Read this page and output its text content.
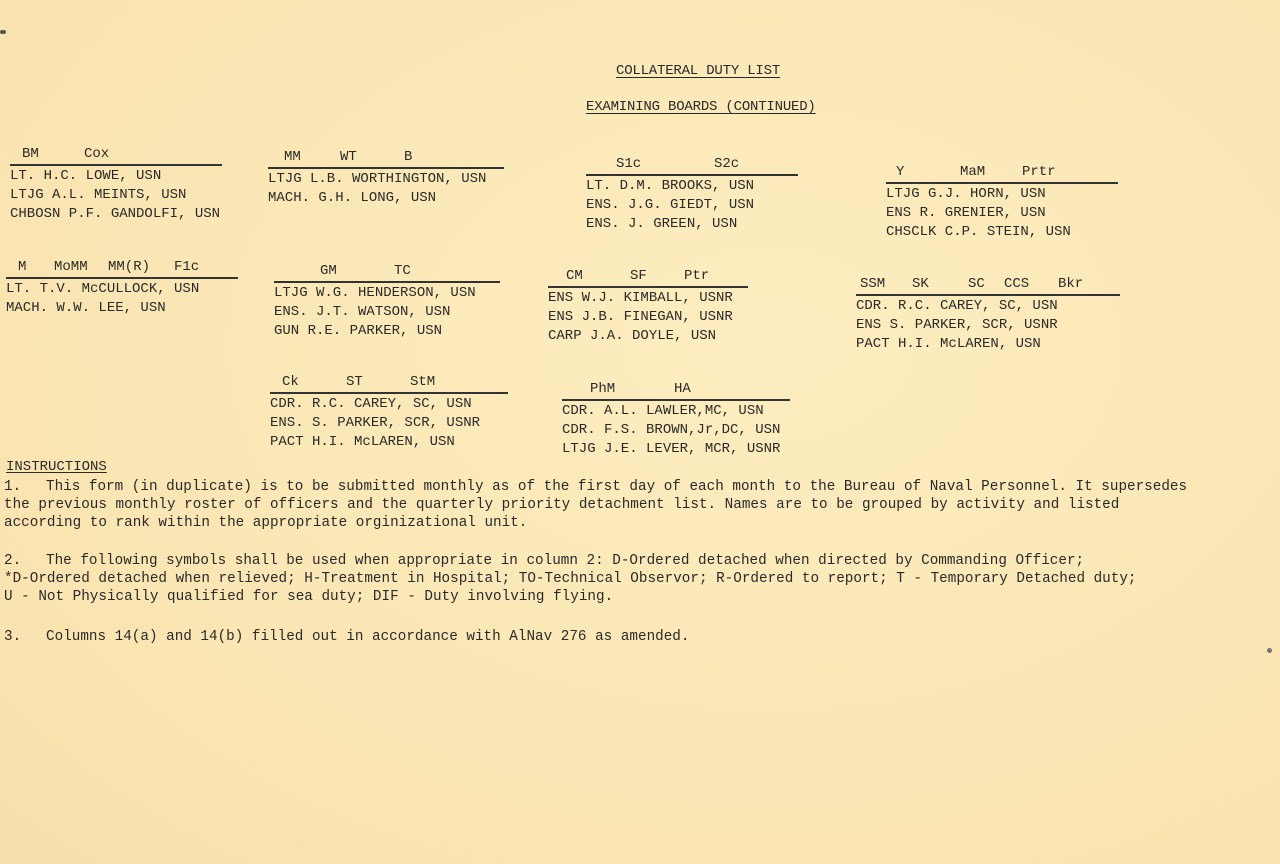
COLLATERAL DUTY LIST
EXAMINING BOARDS (CONTINUED)
BM	Cox
LT. H.C. LOWE, USN
LTJG A.L. MEINTS, USN
CHBOSN P.F. GANDOLFI, USN
MM	WT	B
LTJG L.B. WORTHINGTON, USN
MACH. G.H. LONG, USN
S1c	S2c
LT. D.M. BROOKS, USN
ENS. J.G. GIEDT, USN
ENS. J. GREEN, USN
Y	MaM	Prtr
LTJG G.J. HORN, USN
ENS R. GRENIER, USN
CHSCLK C.P. STEIN, USN
M MoMM MM(R) F1c
LT. T.V. McCULLOCK, USN
MACH. W.W. LEE, USN
GM	TC
LTJG W.G. HENDERSON, USN
ENS. J.T. WATSON, USN
GUN R.E. PARKER, USN
CM	SF	Ptr
ENS W.J. KIMBALL, USNR
ENS J.B. FINEGAN, USNR
CARP J.A. DOYLE, USN
SSM SK	SC CCS Bkr
CDR. R.C. CAREY, SC, USN
ENS S. PARKER, SCR, USNR
PACT H.I. McLAREN, USN
Ck	ST	StM
CDR. R.C. CAREY, SC, USN
ENS. S. PARKER, SCR, USNR
PACT H.I. McLAREN, USN
PhM	HA
CDR. A.L. LAWLER,MC, USN
CDR. F.S. BROWN,Jr,DC, USN
LTJG J.E. LEVER, MCR, USNR
INSTRUCTIONS
1. This form (in duplicate) is to be submitted monthly as of the first day of each month to the Bureau of Naval Personnel. It supersedes
the previous monthly roster of officers and the quarterly priority detachment list. Names are to be grouped by activity and listed
according to rank within the appropriate orginizational unit.
2. The following symbols shall be used when appropriate in column 2: D-Ordered detached when directed by Commanding Officer;
*D-Ordered detached when relieved; H-Treatment in Hospital; TO-Technical Observor; R-Ordered to report; T - Temporary Detached duty;
U - Not Physically qualified for sea duty; DIF - Duty involving flying.
3. Columns 14(a) and 14(b) filled out in accordance with AlNav 276 as amended.
